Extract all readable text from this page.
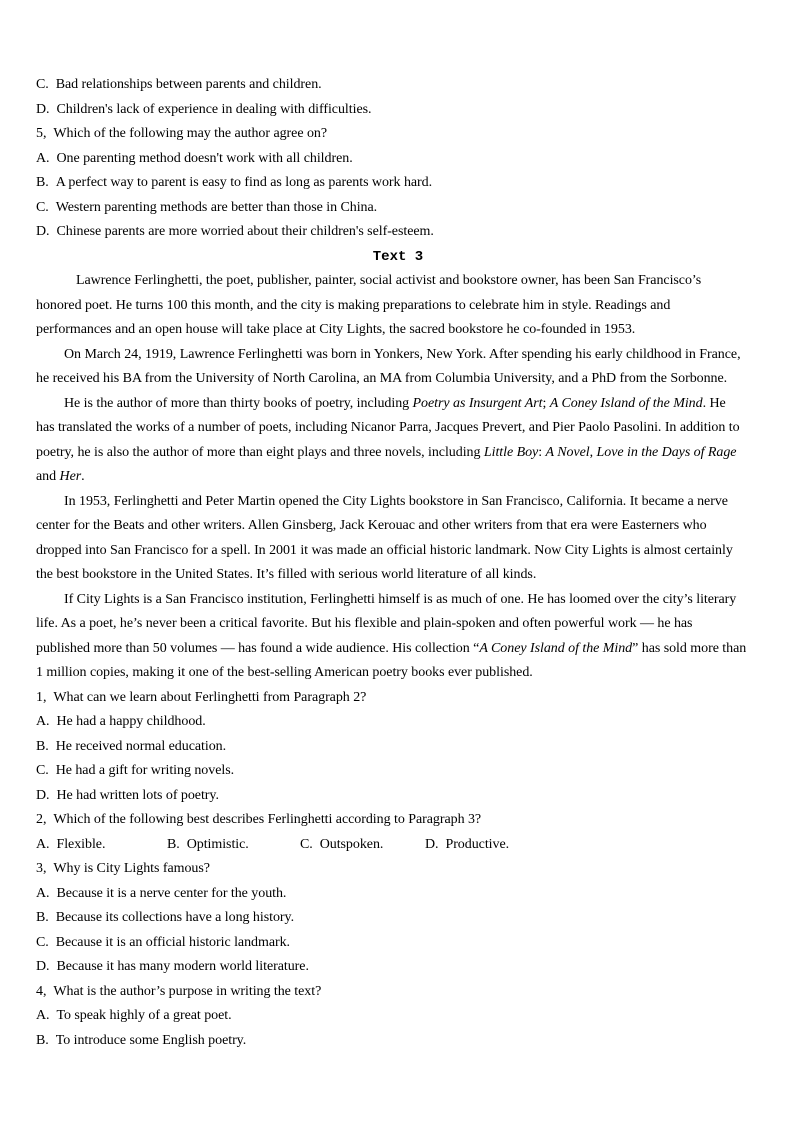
C. Bad relationships between parents and children.
D. Children's lack of experience in dealing with difficulties.
5, Which of the following may the author agree on?
A. One parenting method doesn't work with all children.
B. A perfect way to parent is easy to find as long as parents work hard.
C. Western parenting methods are better than those in China.
D. Chinese parents are more worried about their children's self-esteem.
Text 3
Lawrence Ferlinghetti, the poet, publisher, painter, social activist and bookstore owner, has been San Francisco’s
honored poet. He turns 100 this month, and the city is making preparations to celebrate him in style. Readings and
performances and an open house will take place at City Lights, the sacred bookstore he co-founded in 1953.
On March 24, 1919, Lawrence Ferlinghetti was born in Yonkers, New York. After spending his early childhood in France,
he received his BA from the University of North Carolina, an MA from Columbia University, and a PhD from the Sorbonne.
He is the author of more than thirty books of poetry, including Poetry as Insurgent Art; A Coney Island of the Mind. He
has translated the works of a number of poets, including Nicanor Parra, Jacques Prevert, and Pier Paolo Pasolini. In addition to
poetry, he is also the author of more than eight plays and three novels, including Little Boy: A Novel, Love in the Days of Rage
and Her.
In 1953, Ferlinghetti and Peter Martin opened the City Lights bookstore in San Francisco, California. It became a nerve
center for the Beats and other writers. Allen Ginsberg, Jack Kerouac and other writers from that era were Easterners who
dropped into San Francisco for a spell. In 2001 it was made an official historic landmark. Now City Lights is almost certainly
the best bookstore in the United States. It’s filled with serious world literature of all kinds.
If City Lights is a San Francisco institution, Ferlinghetti himself is as much of one. He has loomed over the city’s literary
life. As a poet, he’s never been a critical favorite. But his flexible and plain-spoken and often powerful work — he has
published more than 50 volumes — has found a wide audience. His collection “A Coney Island of the Mind” has sold more than
1 million copies, making it one of the best-selling American poetry books ever published.
1, What can we learn about Ferlinghetti from Paragraph 2?
A. He had a happy childhood.
B. He received normal education.
C. He had a gift for writing novels.
D. He had written lots of poetry.
2, Which of the following best describes Ferlinghetti according to Paragraph 3?
A. Flexible.	B. Optimistic.	C. Outspoken.	D. Productive.
3, Why is City Lights famous?
A. Because it is a nerve center for the youth.
B. Because its collections have a long history.
C. Because it is an official historic landmark.
D. Because it has many modern world literature.
4, What is the author’s purpose in writing the text?
A. To speak highly of a great poet.
B. To introduce some English poetry.
